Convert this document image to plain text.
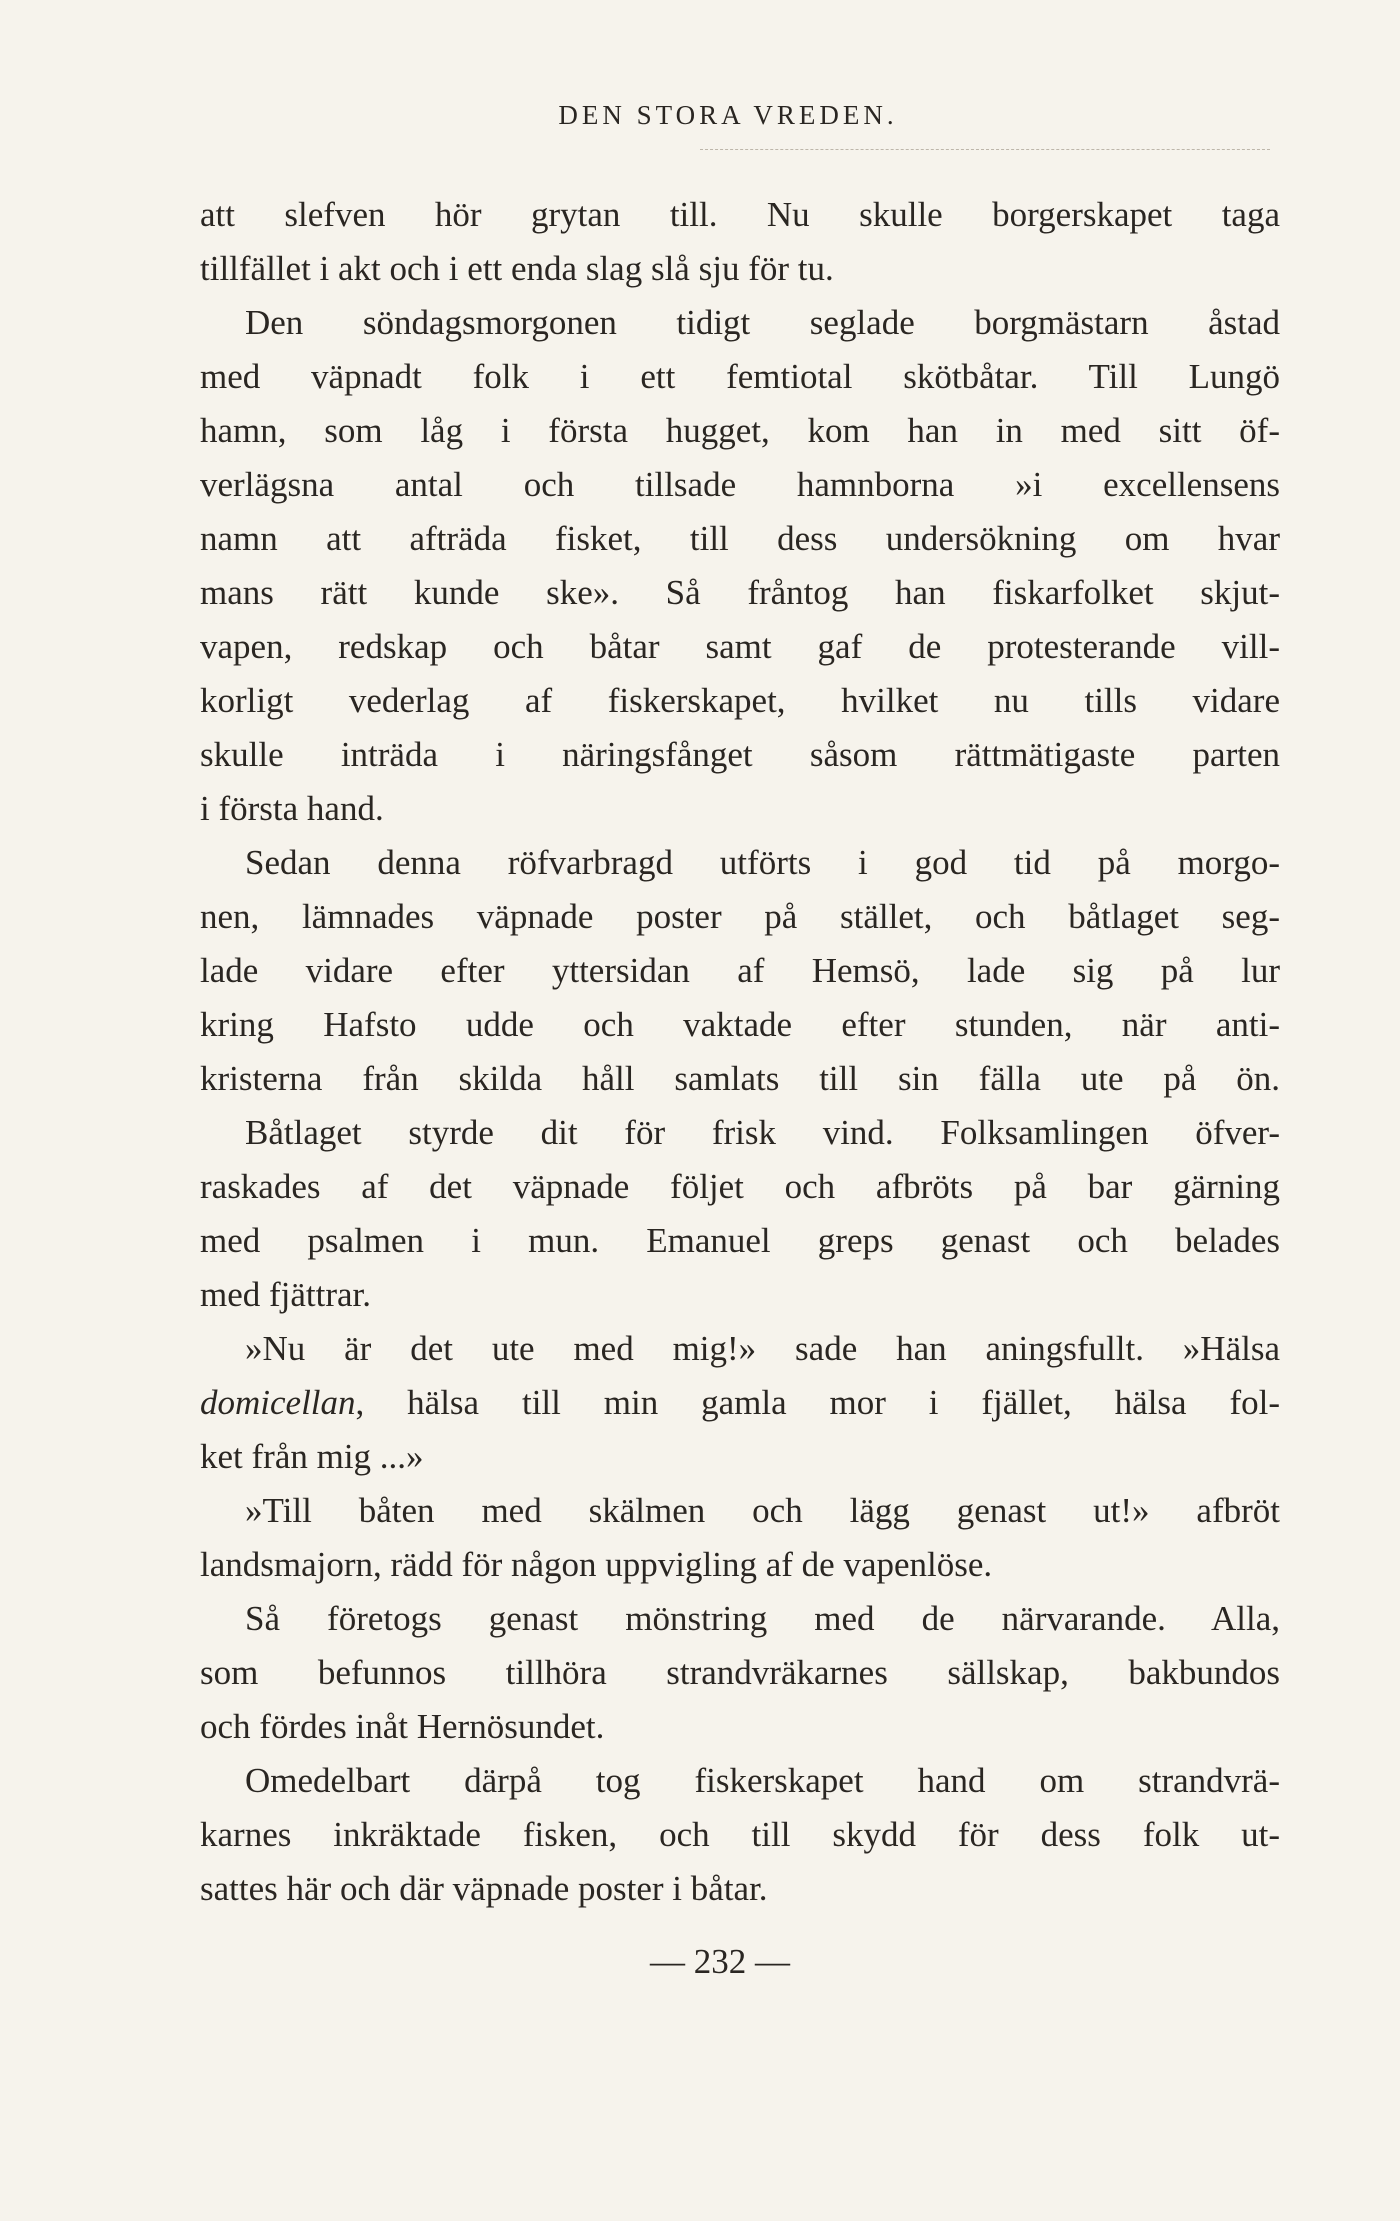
DEN STORA VREDEN.
att slefven hör grytan till. Nu skulle borgerskapet taga
tillfället i akt och i ett enda slag slå sju för tu.
Den söndagsmorgonen tidigt seglade borgmästarn åstad
med väpnadt folk i ett femtiotal skötbåtar. Till Lungö
hamn, som låg i första hugget, kom han in med sitt öf-
verlägsna antal och tillsade hamnborna »i excellensens
namn att afträda fisket, till dess undersökning om hvar
mans rätt kunde ske». Så fråntog han fiskarfolket skjut-
vapen, redskap och båtar samt gaf de protesterande vill-
korligt vederlag af fiskerskapet, hvilket nu tills vidare
skulle inträda i näringsfånget såsom rättmätigaste parten
i första hand.
Sedan denna röfvarbragd utförts i god tid på morgo-
nen, lämnades väpnade poster på stället, och båtlaget seg-
lade vidare efter yttersidan af Hemsö, lade sig på lur
kring Hafsto udde och vaktade efter stunden, när anti-
kristerna från skilda håll samlats till sin fälla ute på ön.
Båtlaget styrde dit för frisk vind. Folksamlingen öfver-
raskades af det väpnade följet och afbröts på bar gärning
med psalmen i mun. Emanuel greps genast och belades
med fjättrar.
»Nu är det ute med mig!» sade han aningsfullt. »Hälsa
domicellan, hälsa till min gamla mor i fjället, hälsa fol-
ket från mig ...»
»Till båten med skälmen och lägg genast ut!» afbröt
landsmajorn, rädd för någon uppvigling af de vapenlöse.
Så företogs genast mönstring med de närvarande. Alla,
som befunnos tillhöra strandvräkarnes sällskap, bakbundos
och fördes inåt Hernösundet.
Omedelbart därpå tog fiskerskapet hand om strandvrä-
karnes inkräktade fisken, och till skydd för dess folk ut-
sattes här och där väpnade poster i båtar.
— 232 —
